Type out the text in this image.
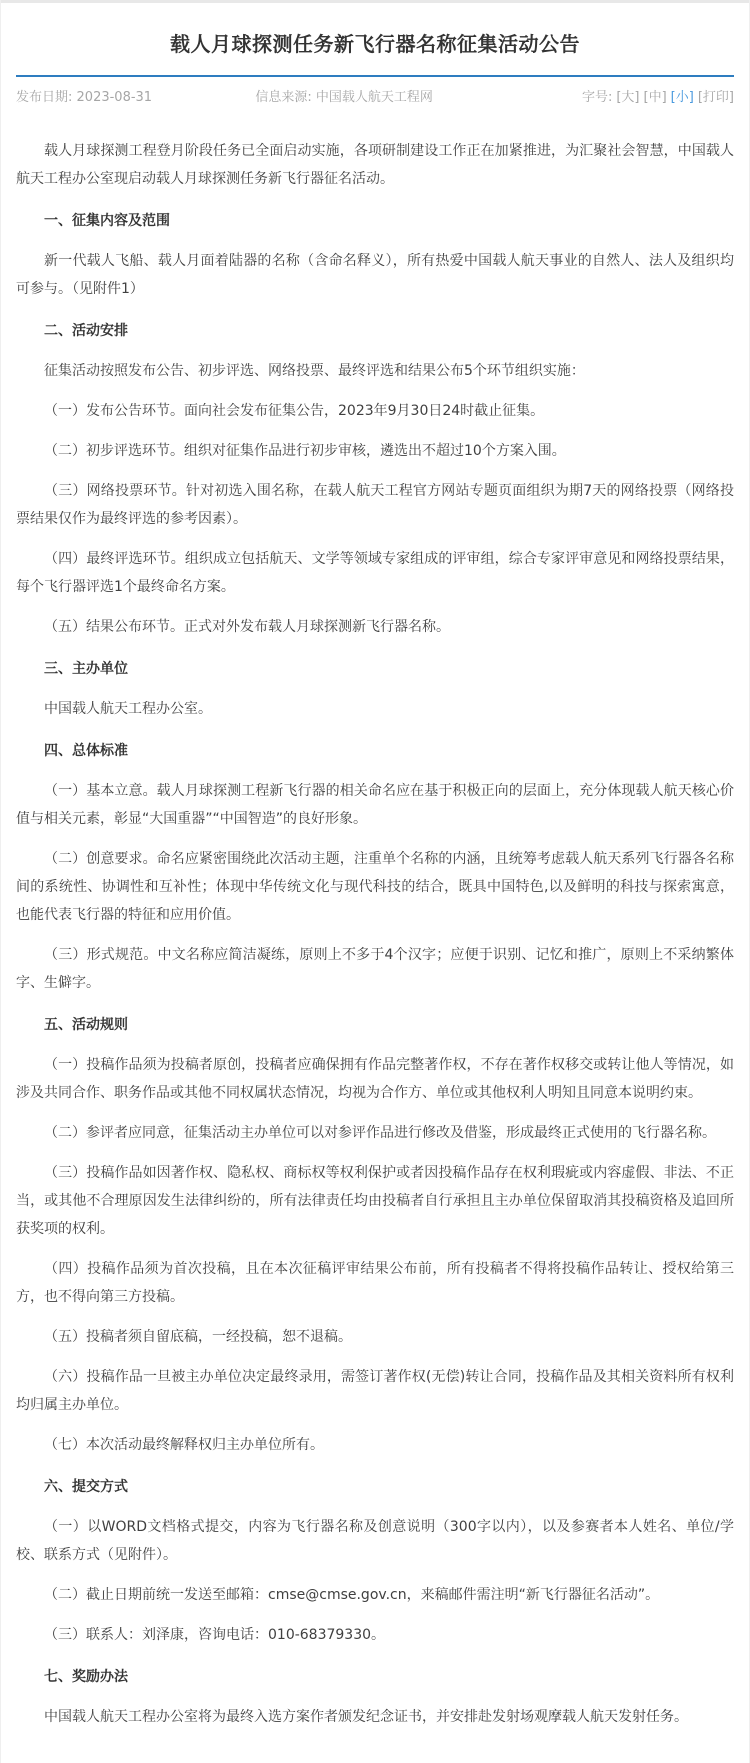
载人月球探测任务新飞行器名称征集活动公告
发布日期: 2023-08-31	信息来源: 中国载人航天工程网	字号: [大] [中] [小] [打印]

载人月球探测工程登月阶段任务已全面启动实施，各项研制建设工作正在加紧推进，为汇聚社会智慧，中国载人航天工程办公室现启动载人月球探测任务新飞行器征名活动。

一、征集内容及范围

新一代载人飞船、载人月面着陆器的名称（含命名释义），所有热爱中国载人航天事业的自然人、法人及组织均可参与。（见附件1）

二、活动安排

征集活动按照发布公告、初步评选、网络投票、最终评选和结果公布5个环节组织实施：

（一）发布公告环节。面向社会发布征集公告，2023年9月30日24时截止征集。

（二）初步评选环节。组织对征集作品进行初步审核，遴选出不超过10个方案入围。

（三）网络投票环节。针对初选入围名称，在载人航天工程官方网站专题页面组织为期7天的网络投票（网络投票结果仅作为最终评选的参考因素）。

（四）最终评选环节。组织成立包括航天、文学等领域专家组成的评审组，综合专家评审意见和网络投票结果，每个飞行器评选1个最终命名方案。

（五）结果公布环节。正式对外发布载人月球探测新飞行器名称。

三、主办单位

中国载人航天工程办公室。

四、总体标准

（一）基本立意。载人月球探测工程新飞行器的相关命名应在基于积极正向的层面上，充分体现载人航天核心价值与相关元素，彰显“大国重器”“中国智造”的良好形象。

（二）创意要求。命名应紧密围绕此次活动主题，注重单个名称的内涵，且统筹考虑载人航天系列飞行器各名称间的系统性、协调性和互补性；体现中华传统文化与现代科技的结合，既具中国特色,以及鲜明的科技与探索寓意，也能代表飞行器的特征和应用价值。

（三）形式规范。中文名称应简洁凝练，原则上不多于4个汉字；应便于识别、记忆和推广，原则上不采纳繁体字、生僻字。

五、活动规则

（一）投稿作品须为投稿者原创，投稿者应确保拥有作品完整著作权，不存在著作权移交或转让他人等情况，如涉及共同合作、职务作品或其他不同权属状态情况，均视为合作方、单位或其他权利人明知且同意本说明约束。

（二）参评者应同意，征集活动主办单位可以对参评作品进行修改及借鉴，形成最终正式使用的飞行器名称。

（三）投稿作品如因著作权、隐私权、商标权等权利保护或者因投稿作品存在权利瑕疵或内容虚假、非法、不正当，或其他不合理原因发生法律纠纷的，所有法律责任均由投稿者自行承担且主办单位保留取消其投稿资格及追回所获奖项的权利。

（四）投稿作品须为首次投稿，且在本次征稿评审结果公布前，所有投稿者不得将投稿作品转让、授权给第三方，也不得向第三方投稿。

（五）投稿者须自留底稿，一经投稿，恕不退稿。

（六）投稿作品一旦被主办单位决定最终录用，需签订著作权(无偿)转让合同，投稿作品及其相关资料所有权利均归属主办单位。

（七）本次活动最终解释权归主办单位所有。

六、提交方式

（一）以WORD文档格式提交，内容为飞行器名称及创意说明（300字以内），以及参赛者本人姓名、单位/学校、联系方式（见附件）。

（二）截止日期前统一发送至邮箱：cmse@cmse.gov.cn，来稿邮件需注明“新飞行器征名活动”。

（三）联系人：刘泽康，咨询电话：010-68379330。

七、奖励办法

中国载人航天工程办公室将为最终入选方案作者颁发纪念证书，并安排赴发射场观摩载人航天发射任务。
